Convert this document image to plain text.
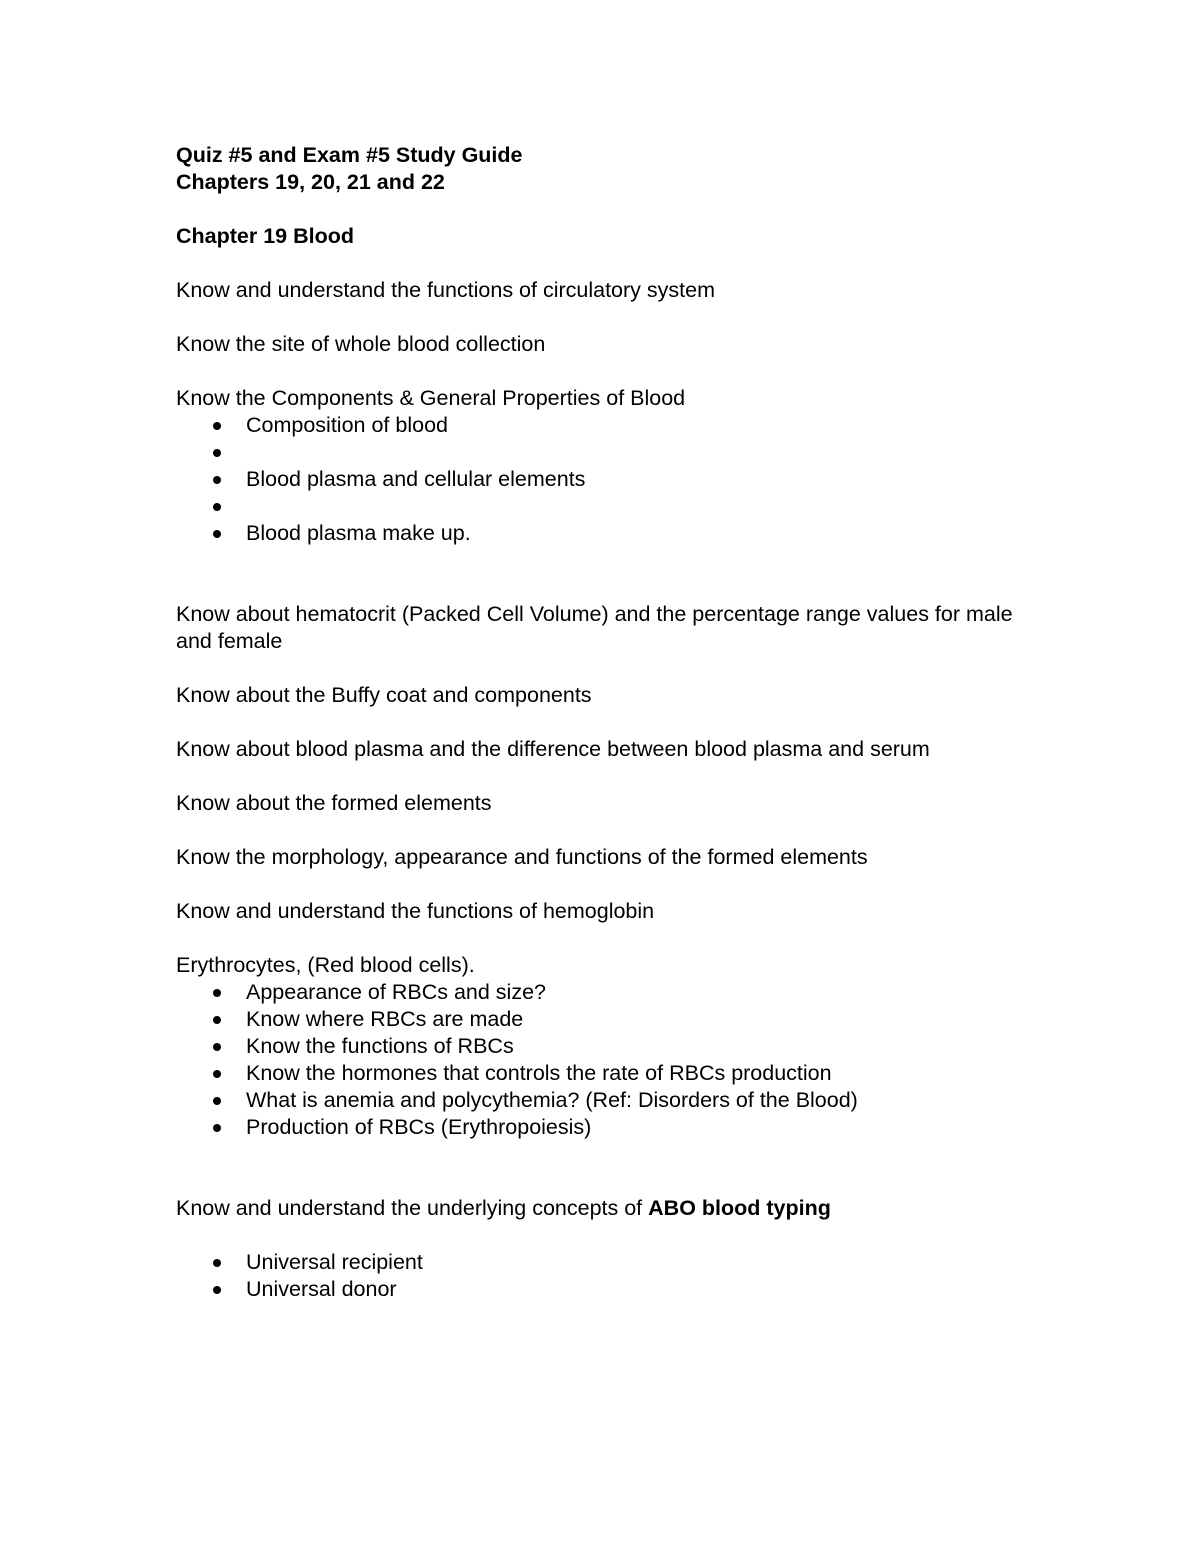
Quiz #5 and Exam #5 Study Guide

Chapters 19, 20, 21 and 22

Chapter 19 Blood

Know and understand the functions of circulatory system

Know the site of whole blood collection

Know the Components & General Properties of Blood

Composition of blood
Blood plasma and cellular elements
Blood plasma make up.

Know about hematocrit (Packed Cell Volume) and the percentage range values for male and female

Know about the Buffy coat and components

Know about blood plasma and the difference between blood plasma and serum

Know about the formed elements

Know the morphology, appearance and functions of the formed elements

Know and understand the functions of hemoglobin

Erythrocytes, (Red blood cells).

Appearance of RBCs and size?
Know where RBCs are made
Know the functions of RBCs
Know the hormones that controls the rate of RBCs production
What is anemia and polycythemia? (Ref: Disorders of the Blood)
Production of RBCs (Erythropoiesis)

Know and understand the underlying concepts of ABO blood typing

Universal recipient
Universal donor
